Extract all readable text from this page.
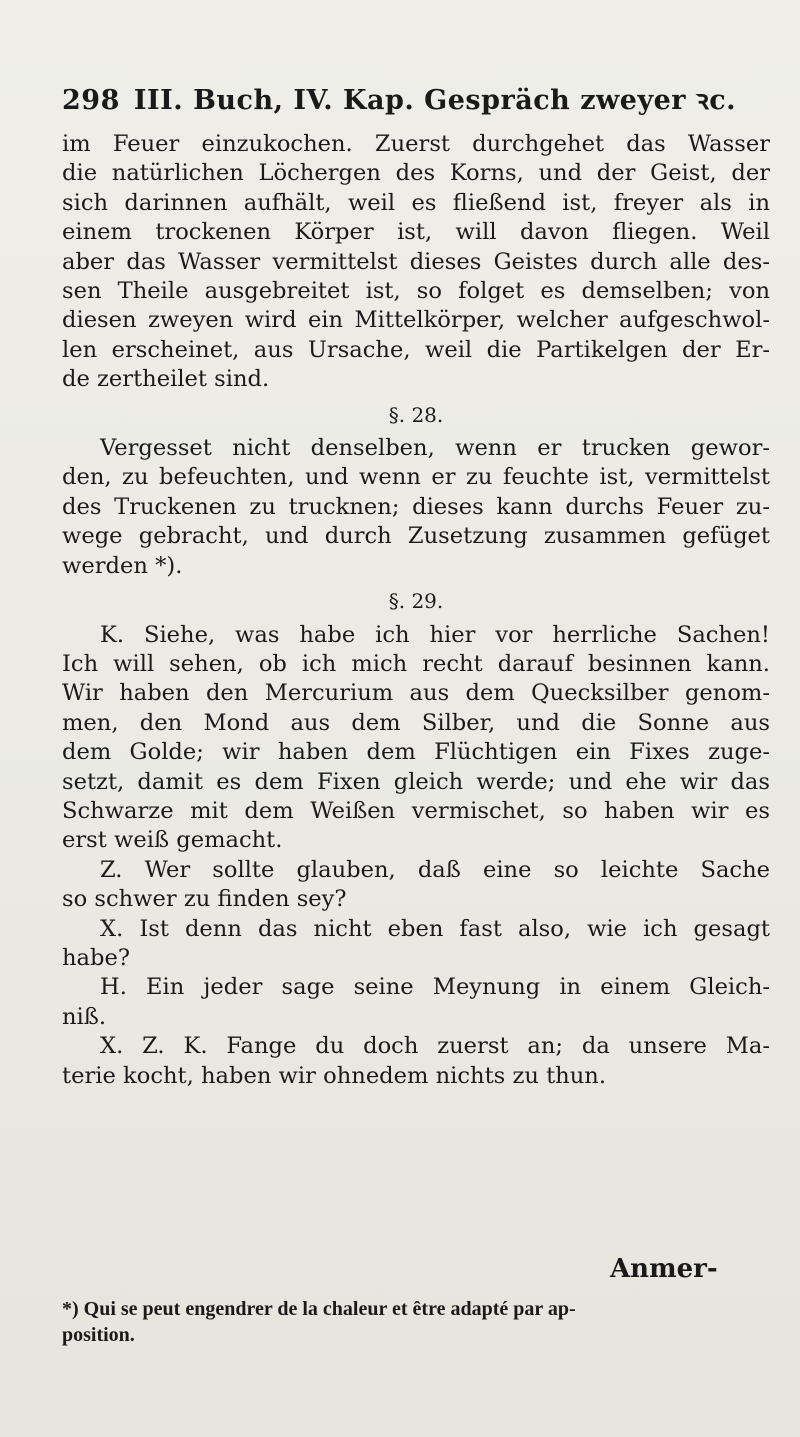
298 III. Buch, IV. Kap. Gespräch zweyer ꝛc.
im Feuer einzukochen. Zuerst durchgehet das Wasser
die natürlichen Löchergen des Korns, und der Geist, der
sich darinnen aufhält, weil es fließend ist, freyer als in
einem trockenen Körper ist, will davon fliegen. Weil
aber das Wasser vermittelst dieses Geistes durch alle des-
sen Theile ausgebreitet ist, so folget es demselben; von
diesen zweyen wird ein Mittelkörper, welcher aufgeschwol-
len erscheinet, aus Ursache, weil die Partikelgen der Er-
de zertheilet sind.
§. 28.
Vergesset nicht denselben, wenn er trucken gewor-
den, zu befeuchten, und wenn er zu feuchte ist, vermittelst
des Truckenen zu trucknen; dieses kann durchs Feuer zu-
wege gebracht, und durch Zusetzung zusammen gefüget
werden *).
§. 29.
K. Siehe, was habe ich hier vor herrliche Sachen!
Ich will sehen, ob ich mich recht darauf besinnen kann.
Wir haben den Mercurium aus dem Quecksilber genom-
men, den Mond aus dem Silber, und die Sonne aus
dem Golde; wir haben dem Flüchtigen ein Fixes zuge-
setzt, damit es dem Fixen gleich werde; und ehe wir das
Schwarze mit dem Weißen vermischet, so haben wir es
erst weiß gemacht.
Z. Wer sollte glauben, daß eine so leichte Sache
so schwer zu finden sey?
X. Ist denn das nicht eben fast also, wie ich gesagt
habe?
H. Ein jeder sage seine Meynung in einem Gleich-
niß.
X. Z. K. Fange du doch zuerst an; da unsere Ma-
terie kocht, haben wir ohnedem nichts zu thun.
Anmer-
*) Qui se peut engendrer de la chaleur et être adapté par ap-
position.
